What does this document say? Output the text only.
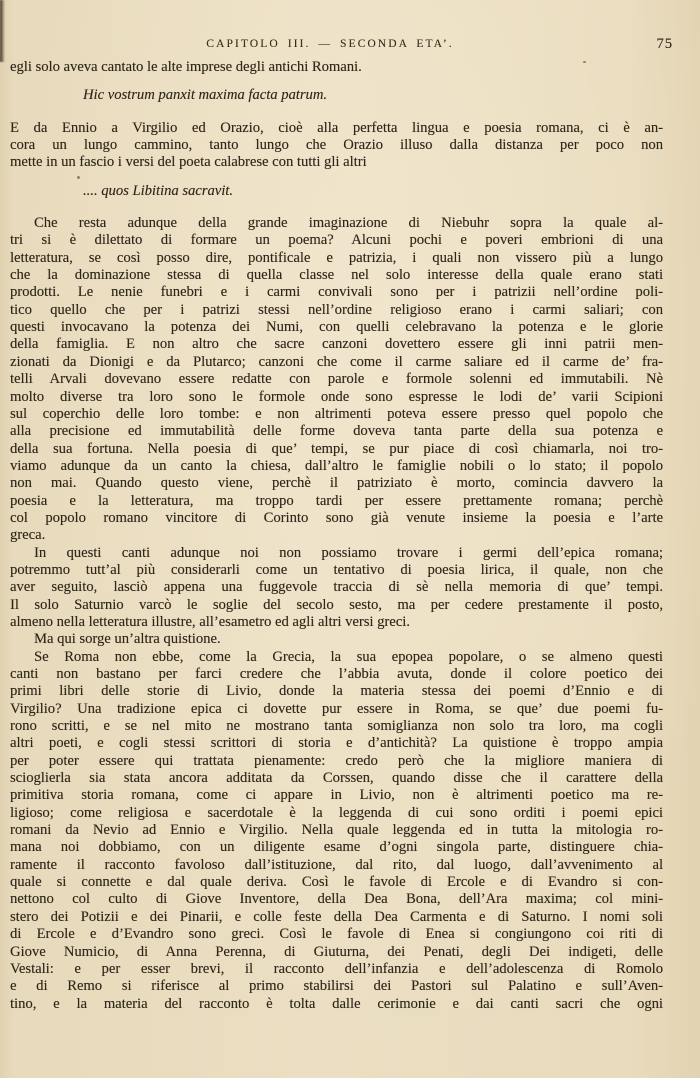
CAPITOLO III. — SECONDA ETA’.	75
egli solo aveva cantato le alte imprese degli antichi Romani.
Hic vostrum panxit maxima facta patrum.
E da Ennio a Virgilio ed Orazio, cioè alla perfetta lingua e poesia romana, ci è an-
cora un lungo cammino, tanto lungo che Orazio illuso dalla distanza per poco non
mette in un fascio i versi del poeta calabrese con tutti gli altri
.... quos Libitina sacravit.
Che resta adunque della grande imaginazione di Niebuhr sopra la quale al-
tri si è dilettato di formare un poema? Alcuni pochi e poveri embrioni di una
letteratura, se così posso dire, pontificale e patrizia, i quali non vissero più a lungo
che la dominazione stessa di quella classe nel solo interesse della quale erano stati
prodotti. Le nenie funebri e i carmi convivali sono per i patrizii nell’ordine poli-
tico quello che per i patrizi stessi nell’ordine religioso erano i carmi saliari; con
questi invocavano la potenza dei Numi, con quelli celebravano la potenza e le glorie
della famiglia. E non altro che sacre canzoni dovettero essere gli inni patrii men-
zionati da Dionigi e da Plutarco; canzoni che come il carme saliare ed il carme de’ fra-
telli Arvali dovevano essere redatte con parole e formole solenni ed immutabili. Nè
molto diverse tra loro sono le formole onde sono espresse le lodi de’ varii Scipioni
sul coperchio delle loro tombe: e non altrimenti poteva essere presso quel popolo che
alla precisione ed immutabilità delle forme doveva tanta parte della sua potenza e
della sua fortuna. Nella poesia di que’ tempi, se pur piace di così chiamarla, noi tro-
viamo adunque da un canto la chiesa, dall’altro le famiglie nobili o lo stato; il popolo
non mai. Quando questo viene, perchè il patriziato è morto, comincia davvero la
poesia e la letteratura, ma troppo tardi per essere prettamente romana; perchè
col popolo romano vincitore di Corinto sono già venute insieme la poesia e l’arte
greca.
In questi canti adunque noi non possiamo trovare i germi dell’epica romana;
potremmo tutt’al più considerarli come un tentativo di poesia lirica, il quale, non che
aver seguito, lasciò appena una fuggevole traccia di sè nella memoria di que’ tempi.
Il solo Saturnio varcò le soglie del secolo sesto, ma per cedere prestamente il posto,
almeno nella letteratura illustre, all’esametro ed agli altri versi greci.
Ma qui sorge un’altra quistione.
Se Roma non ebbe, come la Grecia, la sua epopea popolare, o se almeno questi
canti non bastano per farci credere che l’abbia avuta, donde il colore poetico dei
primi libri delle storie di Livio, donde la materia stessa dei poemi d’Ennio e di
Virgilio? Una tradizione epica ci dovette pur essere in Roma, se que’ due poemi fu-
rono scritti, e se nel mito ne mostrano tanta somiglianza non solo tra loro, ma cogli
altri poeti, e cogli stessi scrittori di storia e d’antichità? La quistione è troppo ampia
per poter essere qui trattata pienamente: credo però che la migliore maniera di
scioglierla sia stata ancora additata da Corssen, quando disse che il carattere della
primitiva storia romana, come ci appare in Livio, non è altrimenti poetico ma re-
ligioso; come religiosa e sacerdotale è la leggenda di cui sono orditi i poemi epici
romani da Nevio ad Ennio e Virgilio. Nella quale leggenda ed in tutta la mitologia ro-
mana noi dobbiamo, con un diligente esame d’ogni singola parte, distinguere chia-
ramente il racconto favoloso dall’istituzione, dal rito, dal luogo, dall’avvenimento al
quale si connette e dal quale deriva. Così le favole di Ercole e di Evandro si con-
nettono col culto di Giove Inventore, della Dea Bona, dell’Ara maxima; col mini-
stero dei Potizii e dei Pinarii, e colle feste della Dea Carmenta e di Saturno. I nomi soli
di Ercole e d’Evandro sono greci. Così le favole di Enea si congiungono coi riti di
Giove Numicio, di Anna Perenna, di Giuturna, dei Penati, degli Dei indigeti, delle
Vestali: e per esser brevi, il racconto dell’infanzia e dell’adolescenza di Romolo
e di Remo si riferisce al primo stabilirsi dei Pastori sul Palatino e sull’Aven-
tino, e la materia del racconto è tolta dalle cerimonie e dai canti sacri che ogni
